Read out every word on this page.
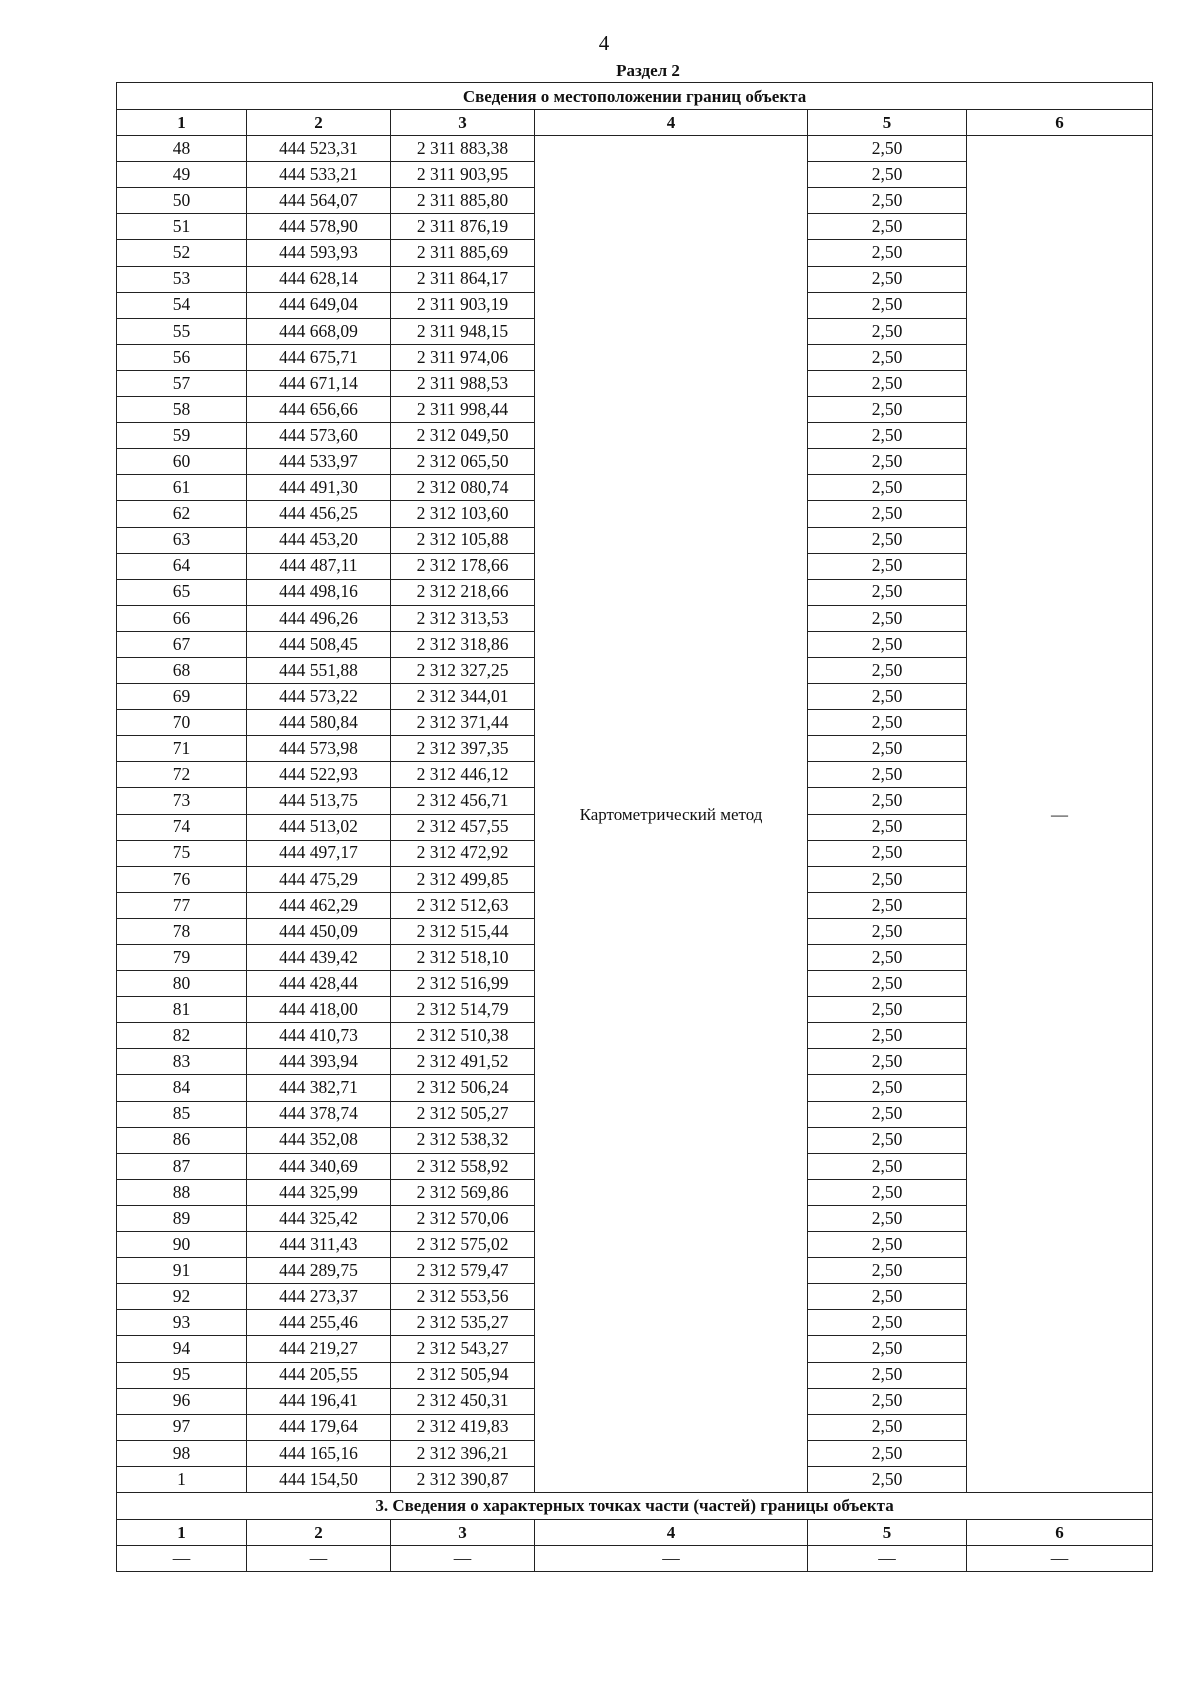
4
Раздел 2
Сведения о местоположении границ объекта					
1	2	3	4	5	6
48	444 523,31	2 311 883,38	Картометрический метод	2,50	—
49	444 533,21	2 311 903,95		2,50	
50	444 564,07	2 311 885,80		2,50	
51	444 578,90	2 311 876,19		2,50	
52	444 593,93	2 311 885,69		2,50	
53	444 628,14	2 311 864,17		2,50	
54	444 649,04	2 311 903,19		2,50	
55	444 668,09	2 311 948,15		2,50	
56	444 675,71	2 311 974,06		2,50	
57	444 671,14	2 311 988,53		2,50	
58	444 656,66	2 311 998,44		2,50	
59	444 573,60	2 312 049,50		2,50	
60	444 533,97	2 312 065,50		2,50	
61	444 491,30	2 312 080,74		2,50	
62	444 456,25	2 312 103,60		2,50	
63	444 453,20	2 312 105,88		2,50	
64	444 487,11	2 312 178,66		2,50	
65	444 498,16	2 312 218,66		2,50	
66	444 496,26	2 312 313,53		2,50	
67	444 508,45	2 312 318,86		2,50	
68	444 551,88	2 312 327,25		2,50	
69	444 573,22	2 312 344,01		2,50	
70	444 580,84	2 312 371,44		2,50	
71	444 573,98	2 312 397,35		2,50	
72	444 522,93	2 312 446,12		2,50	
73	444 513,75	2 312 456,71		2,50	
74	444 513,02	2 312 457,55		2,50	
75	444 497,17	2 312 472,92		2,50	
76	444 475,29	2 312 499,85		2,50	
77	444 462,29	2 312 512,63		2,50	
78	444 450,09	2 312 515,44		2,50	
79	444 439,42	2 312 518,10		2,50	
80	444 428,44	2 312 516,99		2,50	
81	444 418,00	2 312 514,79		2,50	
82	444 410,73	2 312 510,38		2,50	
83	444 393,94	2 312 491,52		2,50	
84	444 382,71	2 312 506,24		2,50	
85	444 378,74	2 312 505,27		2,50	
86	444 352,08	2 312 538,32		2,50	
87	444 340,69	2 312 558,92		2,50	
88	444 325,99	2 312 569,86		2,50	
89	444 325,42	2 312 570,06		2,50	
90	444 311,43	2 312 575,02		2,50	
91	444 289,75	2 312 579,47		2,50	
92	444 273,37	2 312 553,56		2,50	
93	444 255,46	2 312 535,27		2,50	
94	444 219,27	2 312 543,27		2,50	
95	444 205,55	2 312 505,94		2,50	
96	444 196,41	2 312 450,31		2,50	
97	444 179,64	2 312 419,83		2,50	
98	444 165,16	2 312 396,21		2,50	
1	444 154,50	2 312 390,87		2,50	
3. Сведения о характерных точках части (частей) границы объекта					
1	2	3	4	5	6
—	—	—	—	—	—
